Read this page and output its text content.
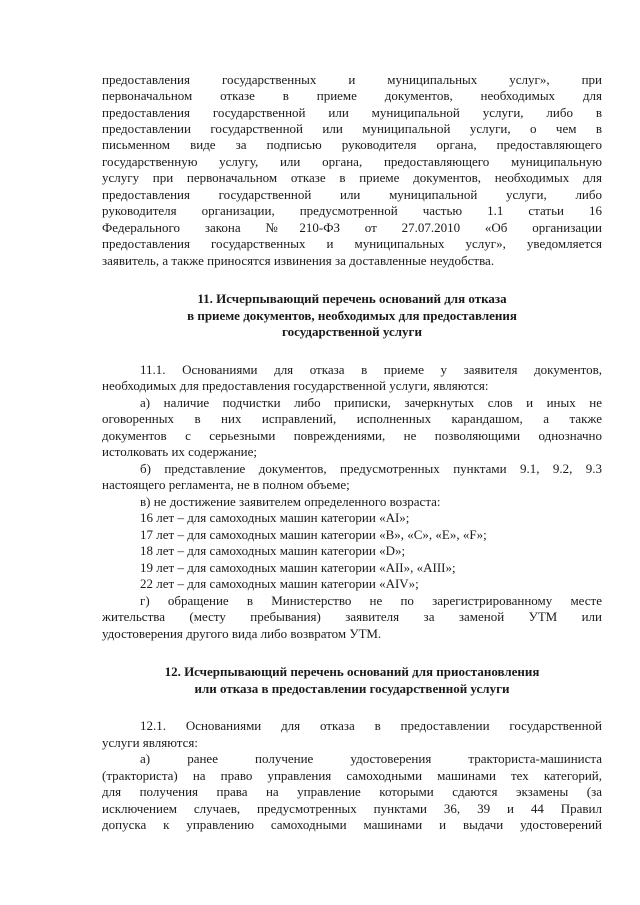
предоставления государственных и муниципальных услуг», при
первоначальном отказе в приеме документов, необходимых для
предоставления государственной или муниципальной услуги, либо в
предоставлении государственной или муниципальной услуги, о чем в
письменном виде за подписью руководителя органа, предоставляющего
государственную услугу, или органа, предоставляющего муниципальную
услугу при первоначальном отказе в приеме документов, необходимых для
предоставления государственной или муниципальной услуги, либо
руководителя организации, предусмотренной частью 1.1 статьи 16
Федерального закона №210-ФЗ от 27.07.2010 «Об организации
предоставления государственных и муниципальных услуг», уведомляется
заявитель, а также приносятся извинения за доставленные неудобства.
11. Исчерпывающий перечень оснований для отказа
в приеме документов, необходимых для предоставления
государственной услуги
11.1. Основаниями для отказа в приеме у заявителя документов,
необходимых для предоставления государственной услуги, являются:
а) наличие подчистки либо приписки, зачеркнутых слов и иных не
оговоренных в них исправлений, исполненных карандашом, а также
документов с серьезными повреждениями, не позволяющими однозначно
истолковать их содержание;
б) представление документов, предусмотренных пунктами 9.1, 9.2, 9.3
настоящего регламента, не в полном объеме;
в) не достижение заявителем определенного возраста:
16 лет – для самоходных машин категории «AI»;
17 лет – для самоходных машин категории «В», «С», «Е», «F»;
18 лет – для самоходных машин категории «D»;
19 лет – для самоходных машин категории «AII», «AIII»;
22 лет – для самоходных машин категории «AIV»;
г) обращение в Министерство не по зарегистрированному месте
жительства (месту пребывания) заявителя за заменой УТМ или
удостоверения другого вида либо возвратом УТМ.
12. Исчерпывающий перечень оснований для приостановления
или отказа в предоставлении государственной услуги
12.1. Основаниями для отказа в предоставлении государственной
услуги являются:
а) ранее получение удостоверения тракториста-машиниста
(тракториста) на право управления самоходными машинами тех категорий,
для получения права на управление которыми сдаются экзамены (за
исключением случаев, предусмотренных пунктами 36, 39 и 44 Правил
допуска к управлению самоходными машинами и выдачи удостоверений
